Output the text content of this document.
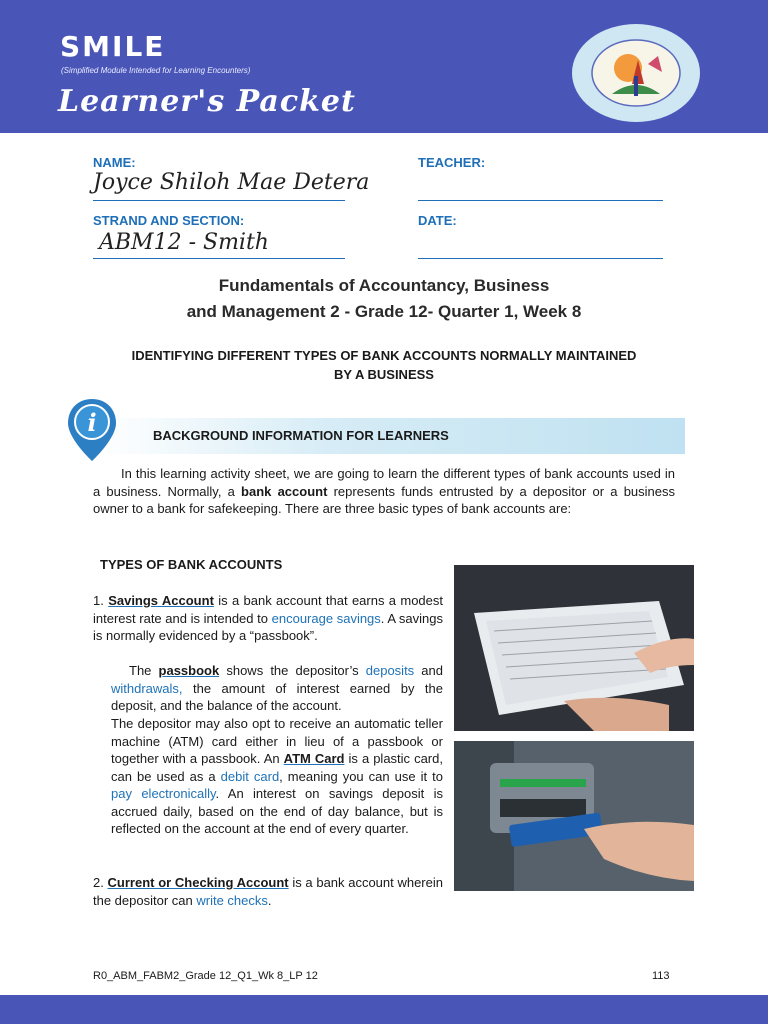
SMILE
(Simplified Module Intended for Learning Encounters)
Learner's Packet
NAME:
Joyce Shiloh Mae Detera
TEACHER:
STRAND AND SECTION:
ABM12 - Smith
DATE:
Fundamentals of Accountancy, Business
and Management 2 - Grade 12- Quarter 1, Week 8
IDENTIFYING DIFFERENT TYPES OF BANK ACCOUNTS NORMALLY MAINTAINED BY A BUSINESS
i	BACKGROUND INFORMATION FOR LEARNERS
In this learning activity sheet, we are going to learn the different types of bank accounts used in a business. Normally, a bank account represents funds entrusted by a depositor or a business owner to a bank for safekeeping. There are three basic types of bank accounts are:
TYPES OF BANK ACCOUNTS
1. Savings Account is a bank account that earns a modest interest rate and is intended to encourage savings. A savings is normally evidenced by a “passbook”.
The passbook shows the depositor’s deposits and withdrawals, the amount of interest earned by the deposit, and the balance of the account.
The depositor may also opt to receive an automatic teller machine (ATM) card either in lieu of a passbook or together with a passbook. An ATM Card is a plastic card, can be used as a debit card, meaning you can use it to pay electronically. An interest on savings deposit is accrued daily, based on the end of day balance, but is reflected on the account at the end of every quarter.
2. Current or Checking Account is a bank account wherein the depositor can write checks.
R0_ABM_FABM2_Grade 12_Q1_Wk 8_LP 12	113
